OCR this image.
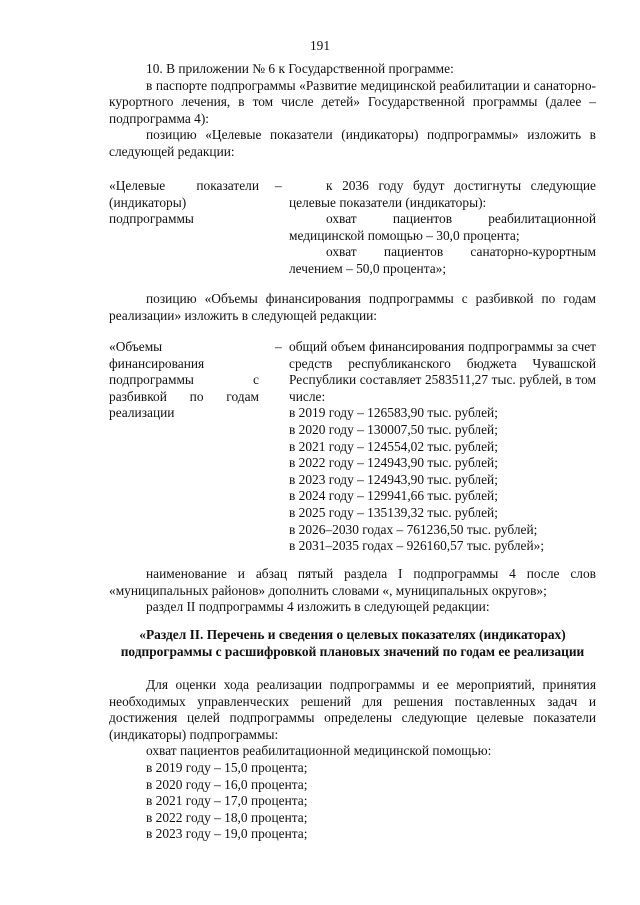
191

10. В приложении № 6 к Государственной программе:

в паспорте подпрограммы «Развитие медицинской реабилитации и санаторно-курортного лечения, в том числе детей» Государственной программы (далее – подпрограмма 4):

позицию «Целевые показатели (индикаторы) подпрограммы» изложить в следующей редакции:

«Целевые показатели (индикаторы) подпрограммы
–	к 2036 году будут достигнуты следующие целевые показатели (индикаторы):
охват пациентов реабилитационной медицинской помощью – 30,0 процента;
охват пациентов санаторно-курортным лечением – 50,0 процента»;

позицию «Объемы финансирования подпрограммы с разбивкой по годам реализации» изложить в следующей редакции:

«Объемы финансирования подпрограммы с разбивкой по годам реализации
– общий объем финансирования подпрограммы за счет средств республиканского бюджета Чувашской Республики составляет 2583511,27 тыс. рублей, в том числе:
в 2019 году – 126583,90 тыс. рублей;
в 2020 году – 130007,50 тыс. рублей;
в 2021 году – 124554,02 тыс. рублей;
в 2022 году – 124943,90 тыс. рублей;
в 2023 году – 124943,90 тыс. рублей;
в 2024 году – 129941,66 тыс. рублей;
в 2025 году – 135139,32 тыс. рублей;
в 2026–2030 годах – 761236,50 тыс. рублей;
в 2031–2035 годах – 926160,57 тыс. рублей»;

наименование и абзац пятый раздела I подпрограммы 4 после слов «муниципальных районов» дополнить словами «, муниципальных округов»;

раздел II подпрограммы 4 изложить в следующей редакции:

«Раздел II. Перечень и сведения о целевых показателях (индикаторах) подпрограммы с расшифровкой плановых значений по годам ее реализации

Для оценки хода реализации подпрограммы и ее мероприятий, принятия необходимых управленческих решений для решения поставленных задач и достижения целей подпрограммы определены следующие целевые показатели (индикаторы) подпрограммы:

охват пациентов реабилитационной медицинской помощью:

в 2019 году – 15,0 процента;
в 2020 году – 16,0 процента;
в 2021 году – 17,0 процента;
в 2022 году – 18,0 процента;
в 2023 году – 19,0 процента;
